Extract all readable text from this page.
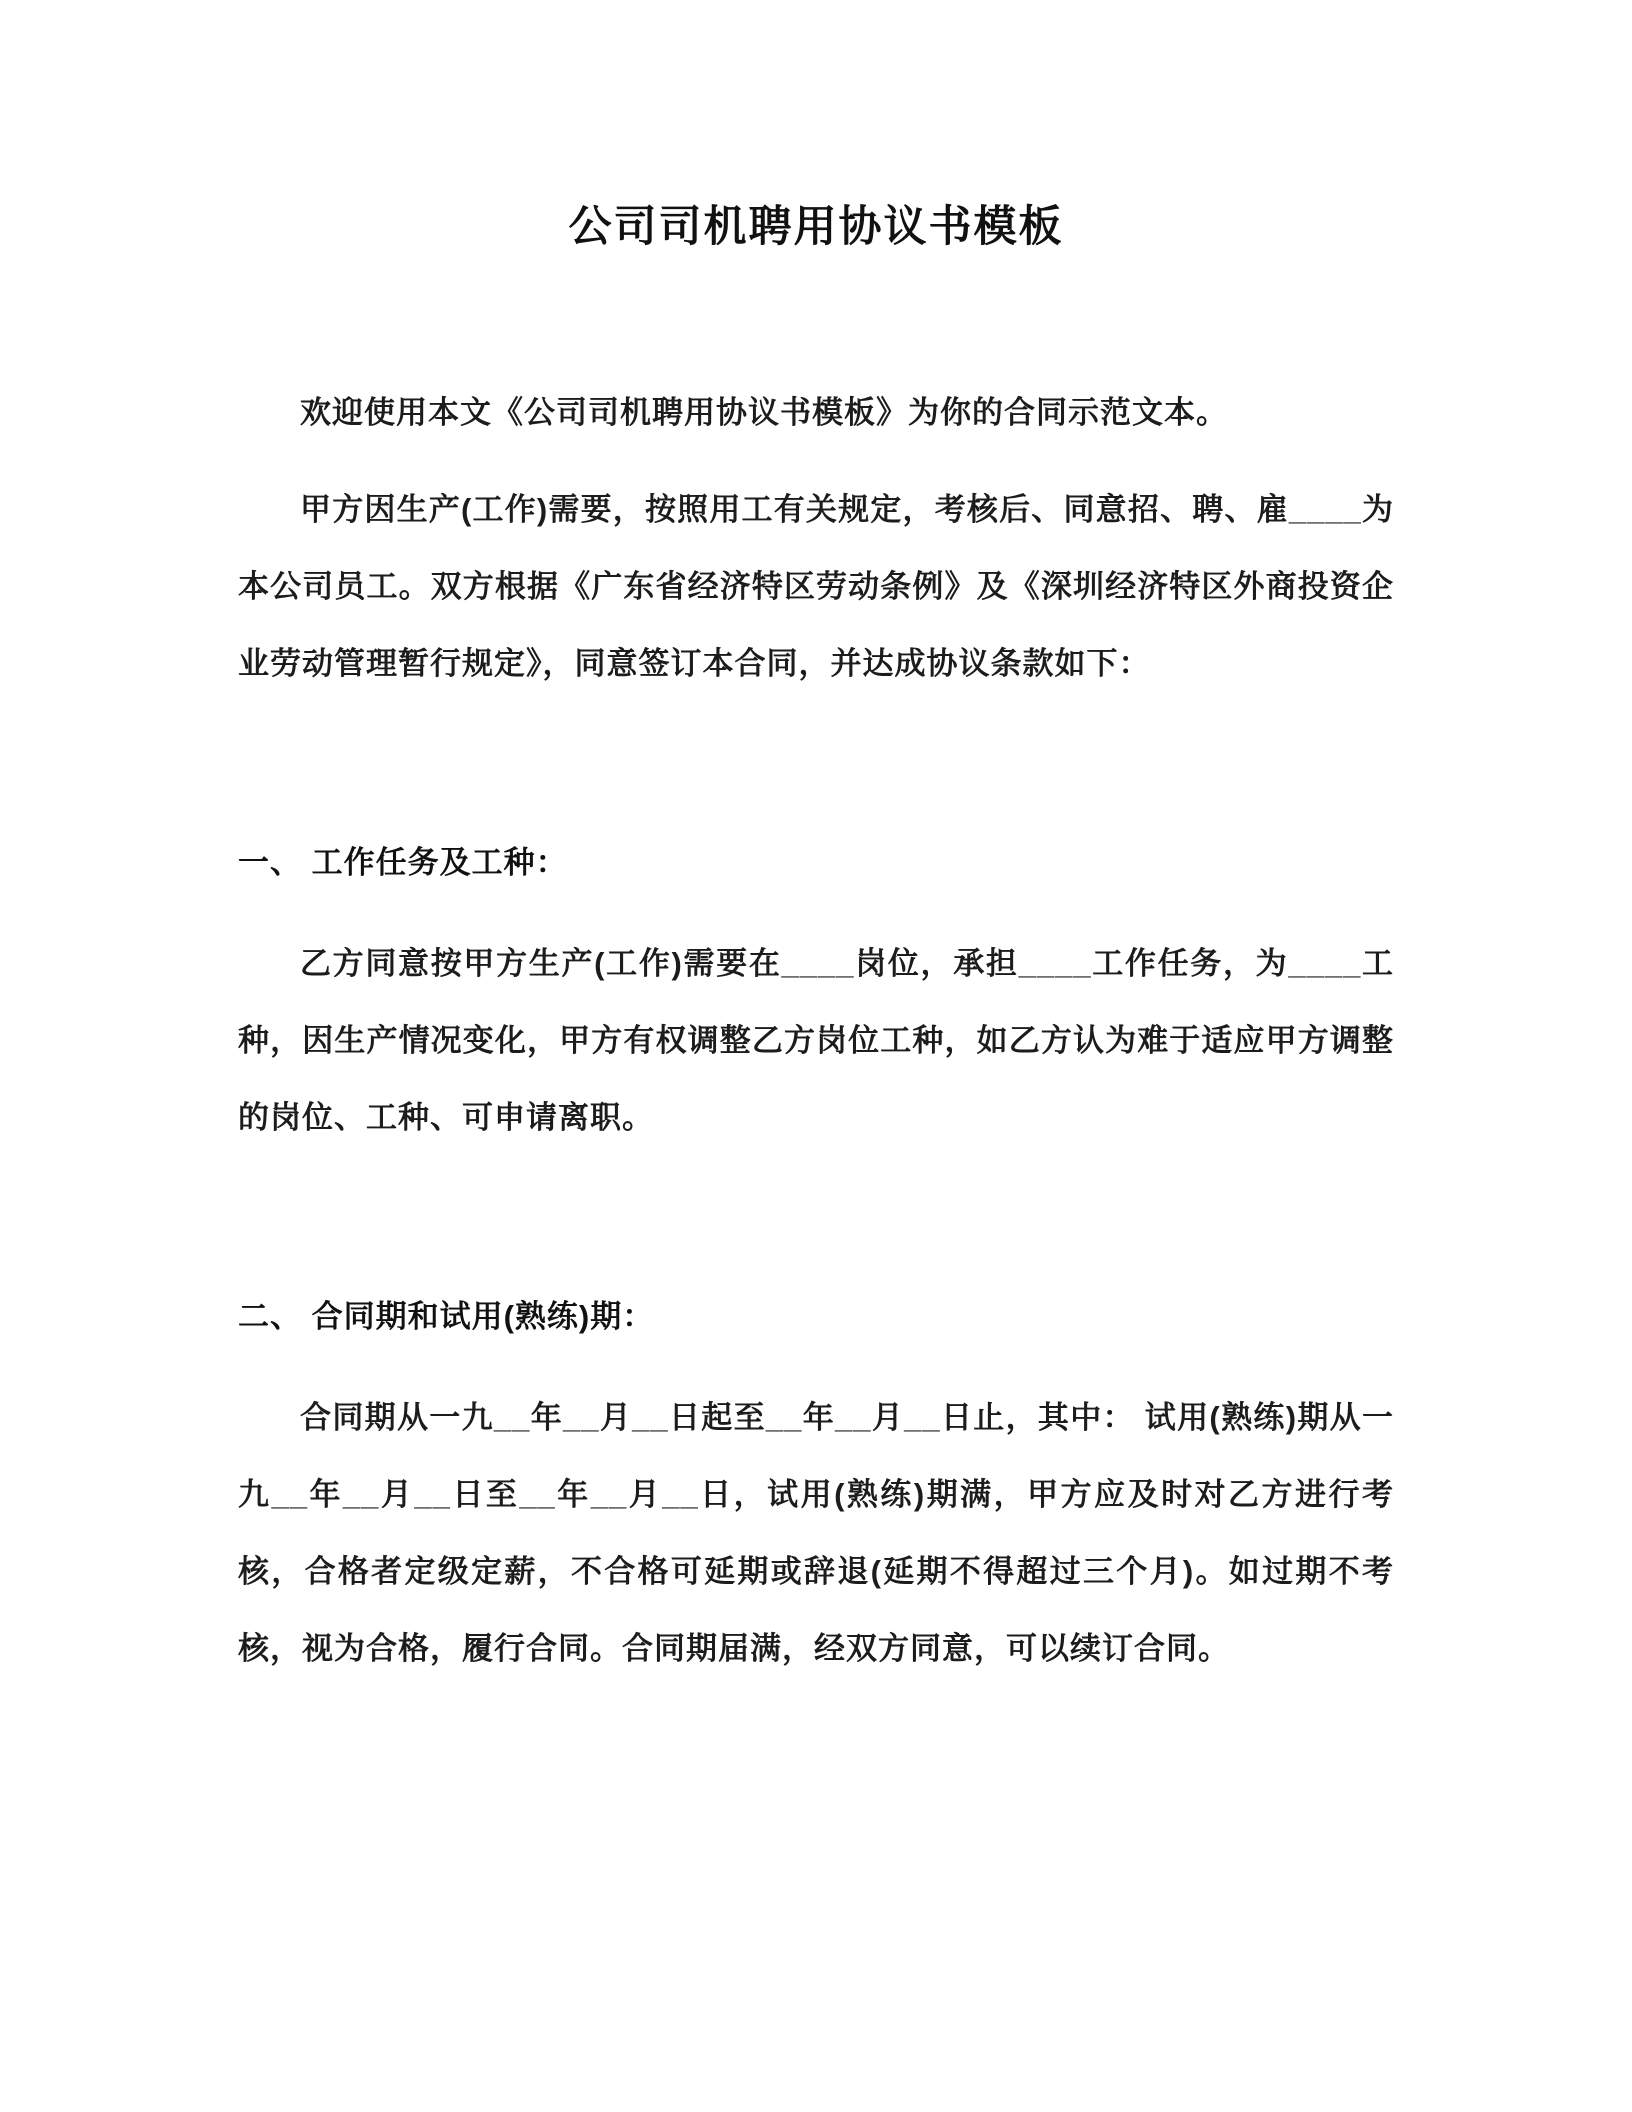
公司司机聘用协议书模板

欢迎使用本文《公司司机聘用协议书模板》为你的合同示范文本。

甲方因生产(工作)需要，按照用工有关规定，考核后、同意招、聘、雇____为本公司员工。双方根据《广东省经济特区劳动条例》及《深圳经济特区外商投资企业劳动管理暂行规定》，同意签订本合同，并达成协议条款如下：

一、 工作任务及工种：

乙方同意按甲方生产(工作)需要在____岗位，承担____工作任务，为____工种，因生产情况变化，甲方有权调整乙方岗位工种，如乙方认为难于适应甲方调整的岗位、工种、可申请离职。

二、 合同期和试用(熟练)期：

合同期从一九__年__月__日起至__年__月__日止，其中： 试用(熟练)期从一九__年__月__日至__年__月__日，试用(熟练)期满，甲方应及时对乙方进行考核，合格者定级定薪，不合格可延期或辞退(延期不得超过三个月)。如过期不考核，视为合格，履行合同。合同期届满，经双方同意，可以续订合同。
